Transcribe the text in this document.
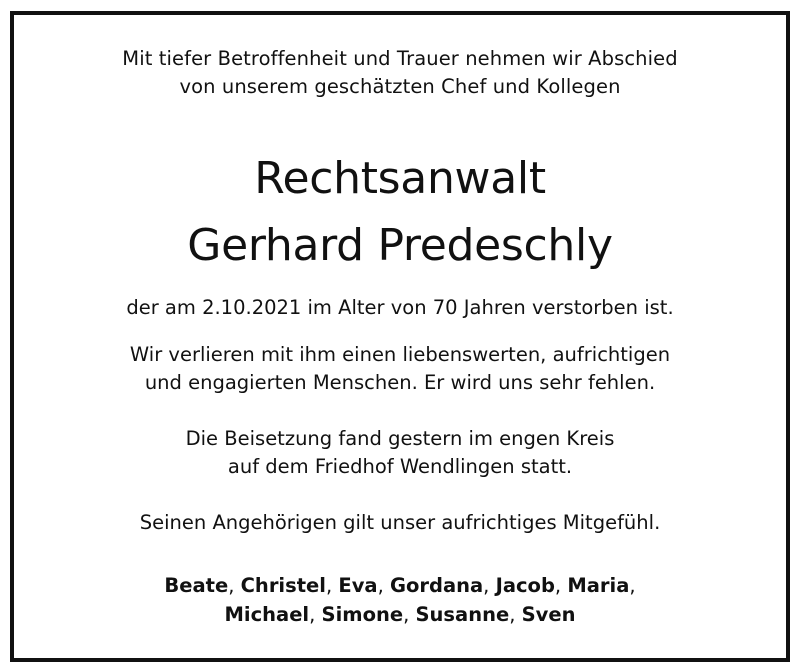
Mit tiefer Betroffenheit und Trauer nehmen wir Abschied
von unserem geschätzten Chef und Kollegen
Rechtsanwalt
Gerhard Predeschly
der am 2.10.2021 im Alter von 70 Jahren verstorben ist.
Wir verlieren mit ihm einen liebenswerten, aufrichtigen
und engagierten Menschen. Er wird uns sehr fehlen.
Die Beisetzung fand gestern im engen Kreis
auf dem Friedhof Wendlingen statt.
Seinen Angehörigen gilt unser aufrichtiges Mitgefühl.
Beate, Christel, Eva, Gordana, Jacob, Maria,
Michael, Simone, Susanne, Sven
